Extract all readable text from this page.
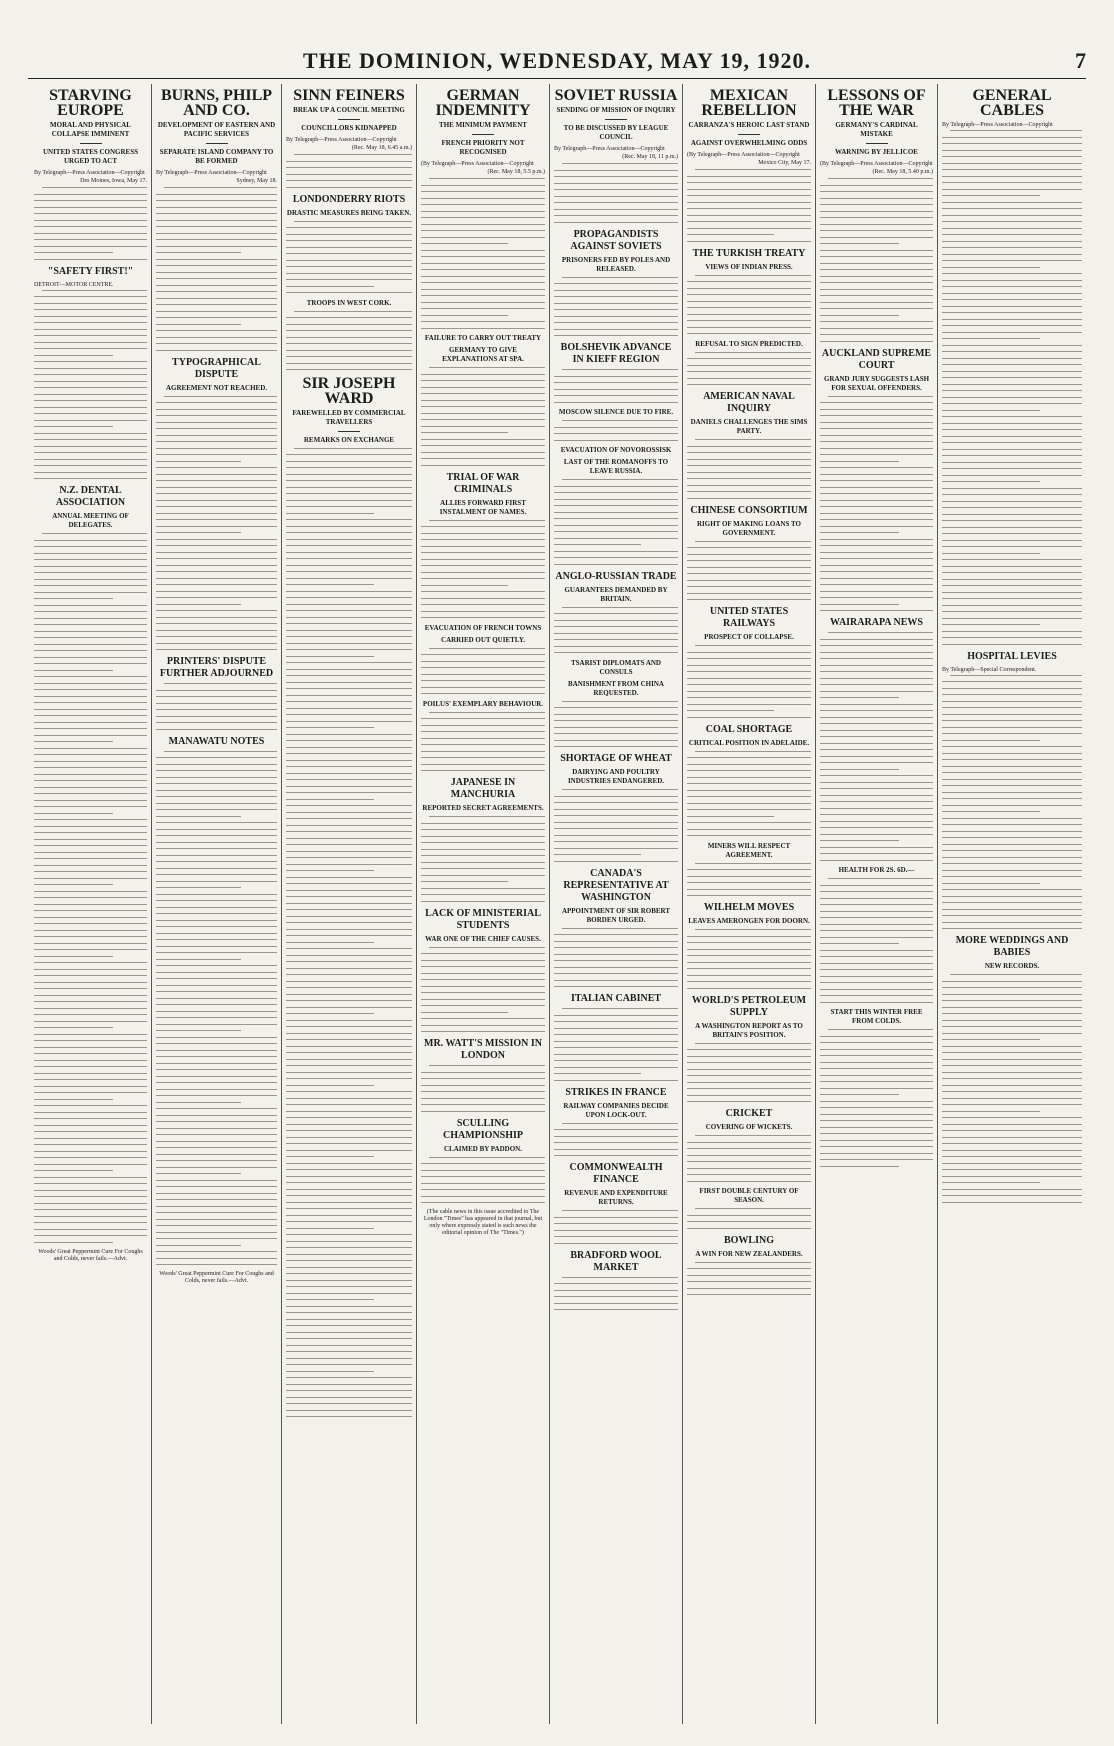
THE DOMINION, WEDNESDAY, MAY 19, 1920.	7
STARVING EUROPE
MORAL AND PHYSICAL COLLAPSE IMMINENT
UNITED STATES CONGRESS URGED TO ACT
By Telegraph—Press Association—Copyright
Des Moines, Iowa, May 17.
"SAFETY FIRST!"
DETROIT—MOTOR CENTRE.
N.Z. DENTAL ASSOCIATION
ANNUAL MEETING OF DELEGATES.
Woods' Great Peppermint Cure For Coughs and Colds, never fails.—Advt.
BURNS, PHILP AND CO.
DEVELOPMENT OF EASTERN AND PACIFIC SERVICES
SEPARATE ISLAND COMPANY TO BE FORMED
By Telegraph—Press Association—Copyright
Sydney, May 18.
TYPOGRAPHICAL DISPUTE
AGREEMENT NOT REACHED.
PRINTERS' DISPUTE FURTHER ADJOURNED
MANAWATU NOTES
Woods' Great Peppermint Cure For Coughs and Colds, never fails.—Advt.
SINN FEINERS
BREAK UP A COUNCIL MEETING
COUNCILLORS KIDNAPPED
By Telegraph—Press Association—Copyright
(Rec. May 18, 6.45 a.m.)
LONDONDERRY RIOTS
DRASTIC MEASURES BEING TAKEN.
TROOPS IN WEST CORK.
SIR JOSEPH WARD
FAREWELLED BY COMMERCIAL TRAVELLERS
REMARKS ON EXCHANGE
GERMAN INDEMNITY
THE MINIMUM PAYMENT
FRENCH PRIORITY NOT RECOGNISED
(By Telegraph—Press Association—Copyright
(Rec. May 18, 5.5 p.m.)
FAILURE TO CARRY OUT TREATY
GERMANY TO GIVE EXPLANATIONS AT SPA.
TRIAL OF WAR CRIMINALS
ALLIES FORWARD FIRST INSTALMENT OF NAMES.
EVACUATION OF FRENCH TOWNS
CARRIED OUT QUIETLY.
POILUS' EXEMPLARY BEHAVIOUR.
JAPANESE IN MANCHURIA
REPORTED SECRET AGREEMENTS.
LACK OF MINISTERIAL STUDENTS
WAR ONE OF THE CHIEF CAUSES.
MR. WATT'S MISSION IN LONDON
SCULLING CHAMPIONSHIP
CLAIMED BY PADDON.
(The cable news in this issue accredited to The London "Times" has appeared in that journal, but only where expressly stated is such news the editorial opinion of The "Times.")
SOVIET RUSSIA
SENDING OF MISSION OF INQUIRY
TO BE DISCUSSED BY LEAGUE COUNCIL
By Telegraph—Press Association—Copyright
(Rec. May 18, 11 p.m.)
PROPAGANDISTS AGAINST SOVIETS
PRISONERS FED BY POLES AND RELEASED.
BOLSHEVIK ADVANCE IN KIEFF REGION
MOSCOW SILENCE DUE TO FIRE.
EVACUATION OF NOVOROSSISK
LAST OF THE ROMANOFFS TO LEAVE RUSSIA.
ANGLO-RUSSIAN TRADE
GUARANTEES DEMANDED BY BRITAIN.
TSARIST DIPLOMATS AND CONSULS
BANISHMENT FROM CHINA REQUESTED.
SHORTAGE OF WHEAT
DAIRYING AND POULTRY INDUSTRIES ENDANGERED.
CANADA'S REPRESENTATIVE AT WASHINGTON
APPOINTMENT OF SIR ROBERT BORDEN URGED.
ITALIAN CABINET
STRIKES IN FRANCE
RAILWAY COMPANIES DECIDE UPON LOCK-OUT.
COMMONWEALTH FINANCE
REVENUE AND EXPENDITURE RETURNS.
BRADFORD WOOL MARKET
MEXICAN REBELLION
CARRANZA'S HEROIC LAST STAND
AGAINST OVERWHELMING ODDS
(By Telegraph—Press Association—Copyright
Mexico City, May 17.
THE TURKISH TREATY
VIEWS OF INDIAN PRESS.
REFUSAL TO SIGN PREDICTED.
AMERICAN NAVAL INQUIRY
DANIELS CHALLENGES THE SIMS PARTY.
CHINESE CONSORTIUM
RIGHT OF MAKING LOANS TO GOVERNMENT.
UNITED STATES RAILWAYS
PROSPECT OF COLLAPSE.
COAL SHORTAGE
CRITICAL POSITION IN ADELAIDE.
MINERS WILL RESPECT AGREEMENT.
WILHELM MOVES
LEAVES AMERONGEN FOR DOORN.
WORLD'S PETROLEUM SUPPLY
A WASHINGTON REPORT AS TO BRITAIN'S POSITION.
CRICKET
COVERING OF WICKETS.
FIRST DOUBLE CENTURY OF SEASON.
BOWLING
A WIN FOR NEW ZEALANDERS.
LESSONS OF THE WAR
GERMANY'S CARDINAL MISTAKE
WARNING BY JELLICOE
(By Telegraph—Press Association—Copyright
(Rec. May 18, 5.40 p.m.)
AUCKLAND SUPREME COURT
GRAND JURY SUGGESTS LASH FOR SEXUAL OFFENDERS.
WAIRARAPA NEWS
HEALTH FOR 2S. 6D.—
START THIS WINTER FREE FROM COLDS.
GENERAL CABLES
By Telegraph—Press Association—Copyright
HOSPITAL LEVIES
By Telegraph—Special Correspondent.
MORE WEDDINGS AND BABIES
NEW RECORDS.
